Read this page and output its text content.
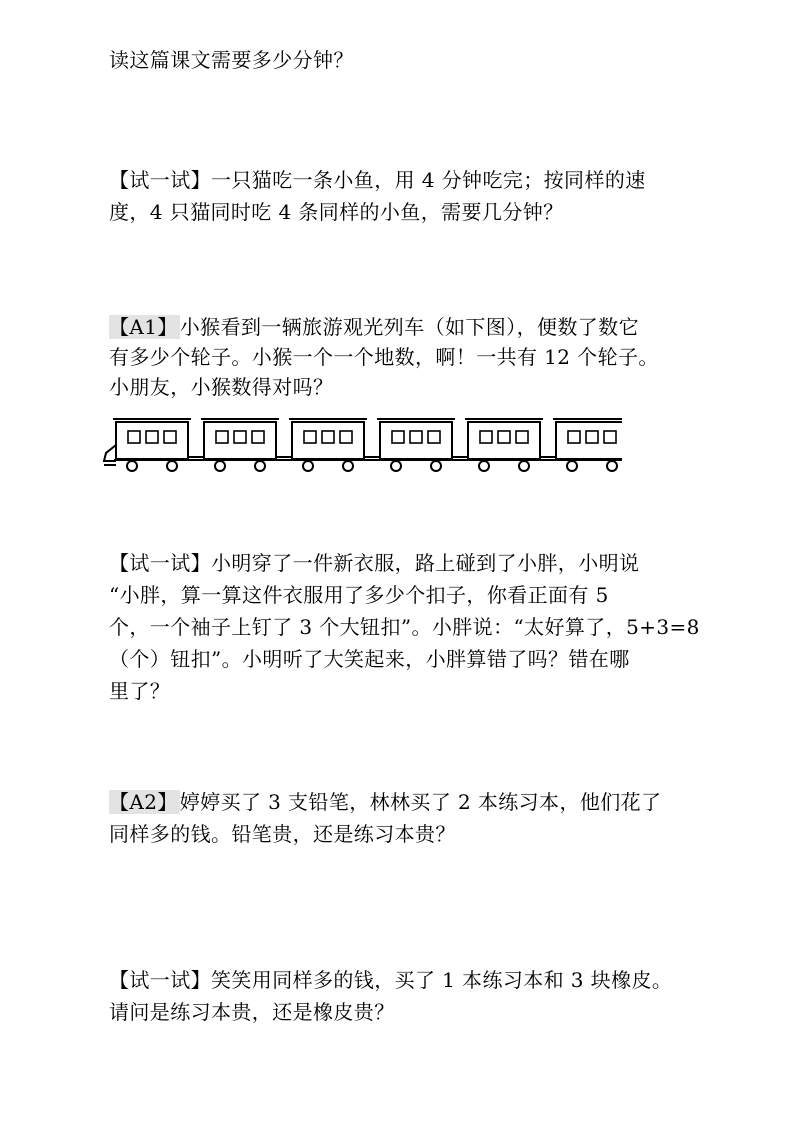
读这篇课文需要多少分钟？
【试一试】一只猫吃一条小鱼，用 4 分钟吃完；按同样的速
度，4 只猫同时吃 4 条同样的小鱼，需要几分钟？
【A1】 小猴看到一辆旅游观光列车（如下图），便数了数它
有多少个轮子。小猴一个一个地数，啊！一共有 12 个轮子。
小朋友，小猴数得对吗？
【试一试】小明穿了一件新衣服，路上碰到了小胖，小明说
“小胖，算一算这件衣服用了多少个扣子，你看正面有 5
个，一个袖子上钉了 3 个大钮扣”。小胖说：“太好算了，5+3=8
（个）钮扣”。小明听了大笑起来，小胖算错了吗？错在哪
里了？
【A2】 婷婷买了 3 支铅笔，林林买了 2 本练习本，他们花了
同样多的钱。铅笔贵，还是练习本贵？
【试一试】笑笑用同样多的钱，买了 1 本练习本和 3 块橡皮。
请问是练习本贵，还是橡皮贵？
